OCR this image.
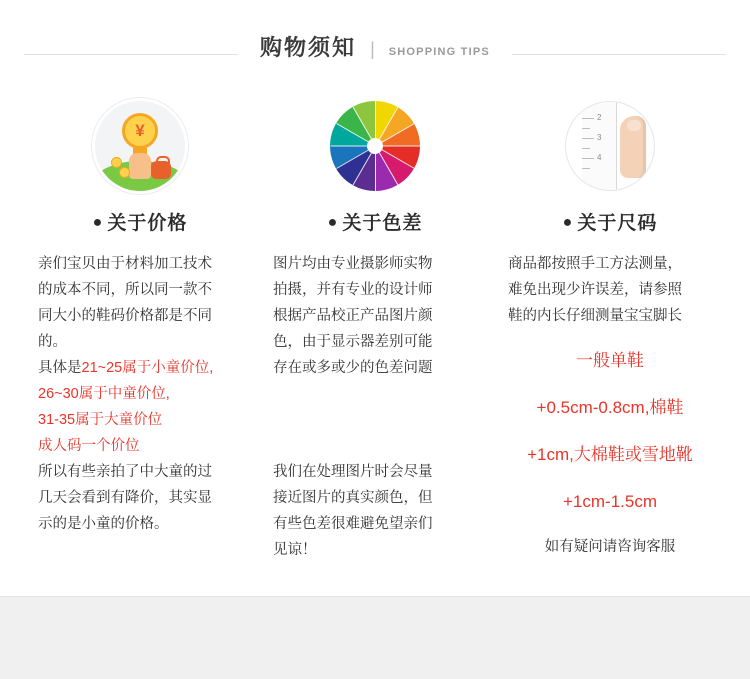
购物须知 | SHOPPING TIPS
¥
● 关于价格

亲们宝贝由于材料加工技术

的成本不同，所以同一款不

同大小的鞋码价格都是不同

的。

具体是21~25属于小童价位,

26~30属于中童价位,

31-35属于大童价位

成人码一个价位

所以有些亲拍了中大童的过

几天会看到有降价，其实显

示的是小童的价格。

● 关于色差

图片均由专业摄影师实物

拍摄，并有专业的设计师

根据产品校正产品图片颜

色，由于显示器差别可能

存在或多或少的色差问题

我们在处理图片时会尽量

接近图片的真实颜色，但

有些色差很难避免望亲们

见谅！

2
3
4
● 关于尺码

商品都按照手工方法测量，

难免出现少许误差，请参照

鞋的内长仔细测量宝宝脚长

一般单鞋

+0.5cm-0.8cm,棉鞋

+1cm,大棉鞋或雪地靴

+1cm-1.5cm

如有疑问请咨询客服
